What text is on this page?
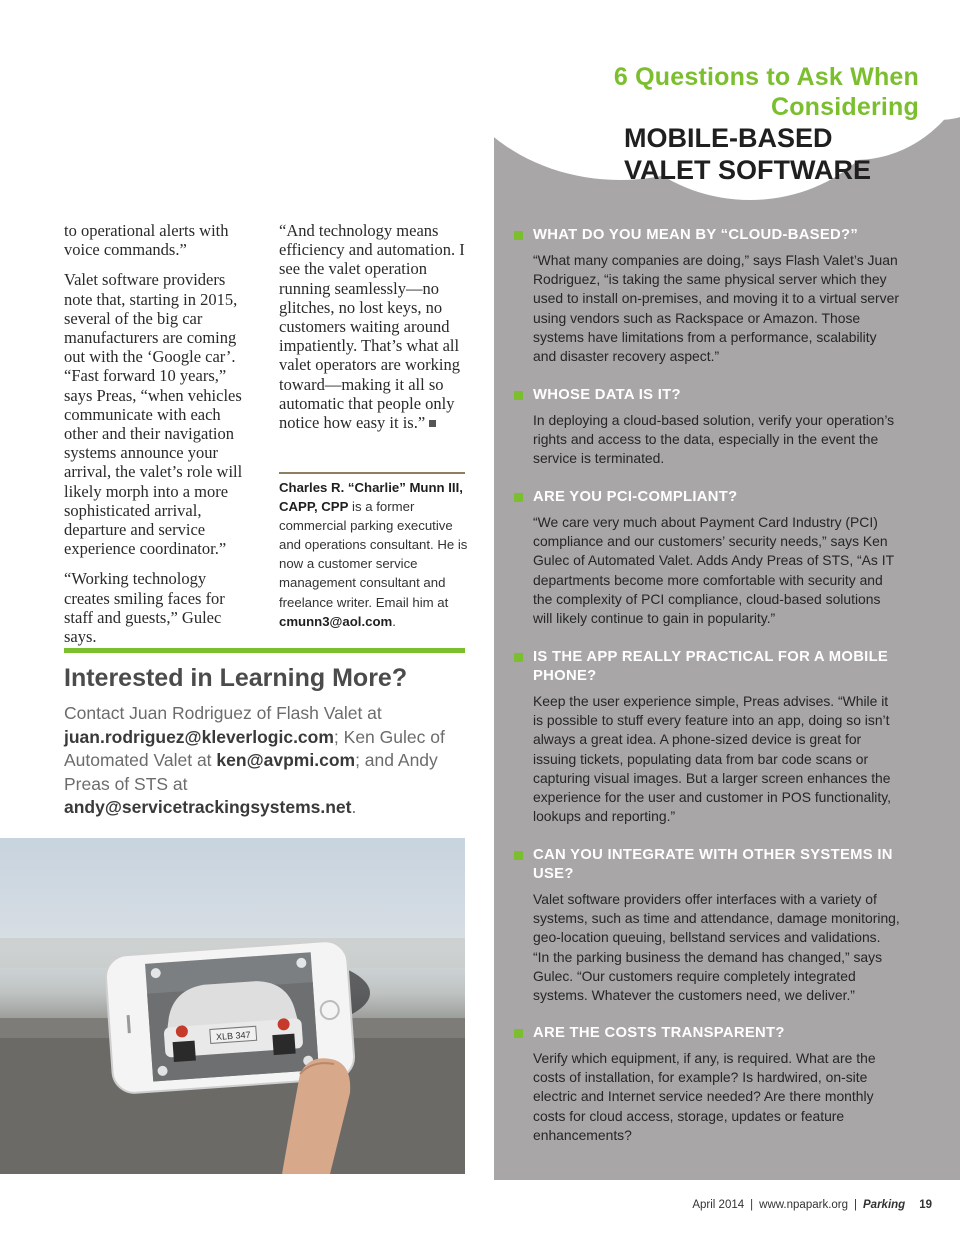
6 Questions to Ask When Considering
MOBILE-BASED
VALET SOFTWARE

to operational alerts with voice commands.”

Valet software providers note that, starting in 2015, several of the big car manufacturers are coming out with the ‘Google car’. “Fast forward 10 years,” says Preas, “when vehicles communicate with each other and their navigation systems announce your arrival, the valet’s role will likely morph into a more sophisticated arrival, departure and service experience coordinator.”

“Working technology creates smiling faces for staff and guests,” Gulec says.

“And technology means efficiency and automation. I see the valet operation running seamlessly—no glitches, no lost keys, no customers waiting around impatiently. That’s what all valet operators are working toward—making it all so automatic that people only notice how easy it is.”

Charles R. “Charlie” Munn III, CAPP, CPP is a former commercial parking executive and operations consultant. He is now a customer service management consultant and freelance writer. Email him at cmunn3@aol.com.
Interested in Learning More?
Contact Juan Rodriguez of Flash Valet at juan.rodriguez@kleverlogic.com; Ken Gulec of Automated Valet at ken@avpmi.com; and Andy Preas of STS at andy@servicetrackingsystems.net.
XLB 347
WHAT DO YOU MEAN BY “CLOUD-BASED?”
“What many companies are doing,” says Flash Valet’s Juan Rodriguez, “is taking the same physical server which they used to install on-premises, and moving it to a virtual server using vendors such as Rackspace or Amazon. Those systems have limitations from a performance, scalability and disaster recovery aspect.”
WHOSE DATA IS IT?
In deploying a cloud-based solution, verify your operation’s rights and access to the data, especially in the event the service is terminated.
ARE YOU PCI-COMPLIANT?
“We care very much about Payment Card Industry (PCI) compliance and our customers’ security needs,” says Ken Gulec of Automated Valet. Adds Andy Preas of STS, “As IT departments become more comfortable with security and the complexity of PCI compliance, cloud-based solutions will likely continue to gain in popularity.”
IS THE APP REALLY PRACTICAL FOR A MOBILE PHONE?
Keep the user experience simple, Preas advises. “While it is possible to stuff every feature into an app, doing so isn’t always a great idea. A phone-sized device is great for issuing tickets, populating data from bar code scans or capturing visual images. But a larger screen enhances the experience for the user and customer in POS functionality, lookups and reporting.”
CAN YOU INTEGRATE WITH OTHER SYSTEMS IN USE?
Valet software providers offer interfaces with a variety of systems, such as time and attendance, damage monitoring, geo-location queuing, bellstand services and validations. “In the parking business the demand has changed,” says Gulec. “Our customers require completely integrated systems. Whatever the customers need, we deliver.”
ARE THE COSTS TRANSPARENT?
Verify which equipment, if any, is required. What are the costs of installation, for example? Is hardwired, on-site electric and Internet service needed? Are there monthly costs for cloud access, storage, updates or feature enhancements?
April 2014 | www.npapark.org | Parking 19
